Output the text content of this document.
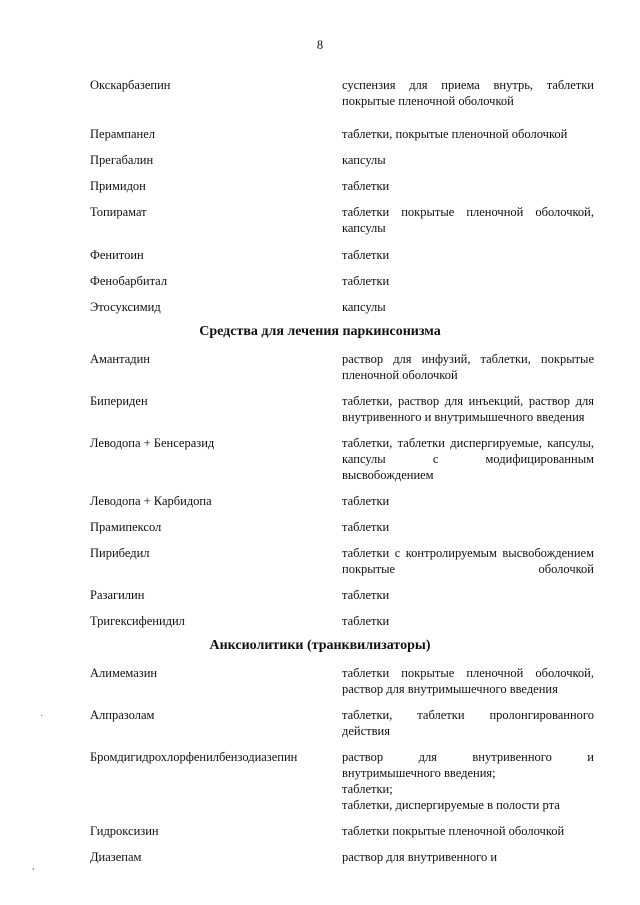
8
Окскарбазепин	суспензия для приема внутрь, таблетки покрытые пленочной оболочкой
Перампанел	таблетки, покрытые пленочной оболочкой
Прегабалин	капсулы
Примидон	таблетки
Топирамат	таблетки покрытые пленочной оболочкой, капсулы
Фенитоин	таблетки
Фенобарбитал	таблетки
Этосуксимид	капсулы
Средства для лечения паркинсонизма
Амантадин	раствор для инфузий, таблетки, покрытые пленочной оболочкой
Бипериден	таблетки, раствор для инъекций, раствор для внутривенного и внутримышечного введения
Леводопа + Бенсеразид	таблетки, таблетки диспергируемые, капсулы, капсулы с модифицированным высвобождением
Леводопа + Карбидопа	таблетки
Прамипексол	таблетки
Пирибедил	таблетки с контролируемым высвобождением покрытые оболочкой
Разагилин	таблетки
Тригексифенидил	таблетки
Анксиолитики (транквилизаторы)
Алимемазин	таблетки покрытые пленочной оболочкой, раствор для внутримышечного введения
Алпразолам	таблетки, таблетки пролонгированного действия
Бромдигидрохлорфенилбензодиазепин	раствор для внутривенного и внутримышечного введения;
таблетки;
таблетки, диспергируемые в полости рта
Гидроксизин	таблетки покрытые пленочной оболочкой
Диазепам	раствор для внутривенного и
·
,
